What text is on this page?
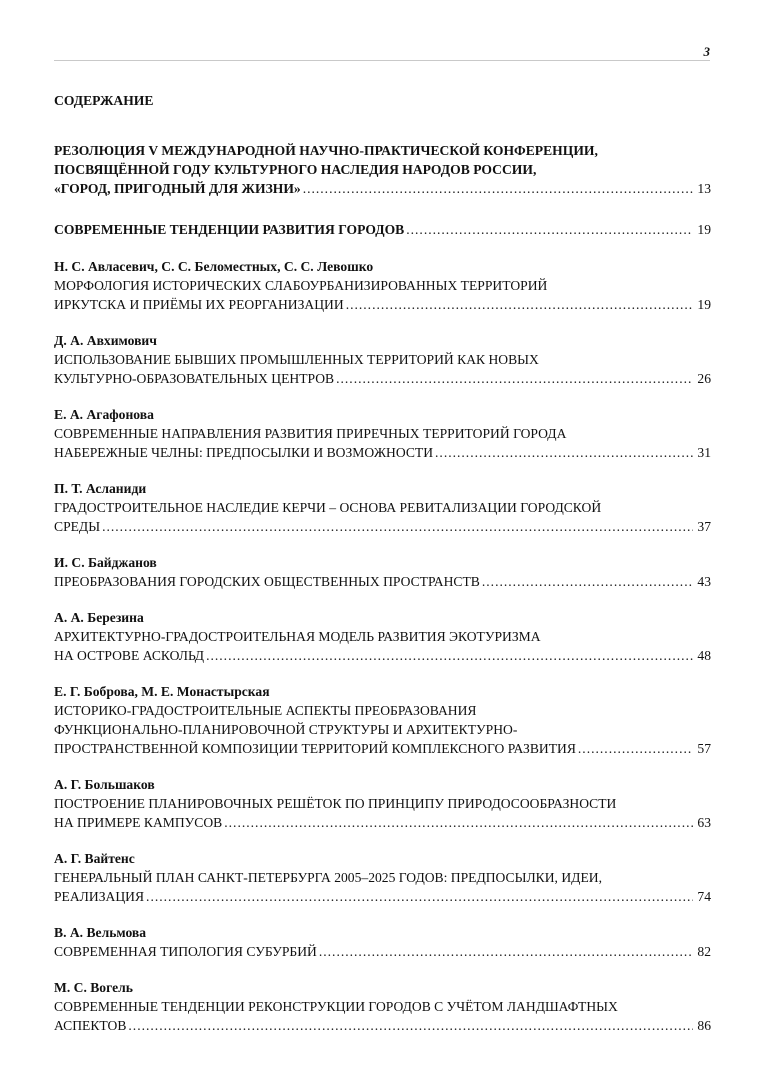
3
СОДЕРЖАНИЕ
РЕЗОЛЮЦИЯ V МЕЖДУНАРОДНОЙ НАУЧНО-ПРАКТИЧЕСКОЙ КОНФЕРЕНЦИИ,
ПОСВЯЩЁННОЙ ГОДУ КУЛЬТУРНОГО НАСЛЕДИЯ НАРОДОВ РОССИИ,
«ГОРОД, ПРИГОДНЫЙ ДЛЯ ЖИЗНИ» .....	13
СОВРЕМЕННЫЕ ТЕНДЕНЦИИ РАЗВИТИЯ ГОРОДОВ .....	19
Н. С. Авласевич, С. С. Беломестных, С. С. Левошко
МОРФОЛОГИЯ ИСТОРИЧЕСКИХ СЛАБОУРБАНИЗИРОВАННЫХ ТЕРРИТОРИЙ
ИРКУТСКА И ПРИЁМЫ ИХ РЕОРГАНИЗАЦИИ .....	19
Д. А. Авхимович
ИСПОЛЬЗОВАНИЕ БЫВШИХ ПРОМЫШЛЕННЫХ ТЕРРИТОРИЙ КАК НОВЫХ
КУЛЬТУРНО-ОБРАЗОВАТЕЛЬНЫХ ЦЕНТРОВ .....	26
Е. А. Агафонова
СОВРЕМЕННЫЕ НАПРАВЛЕНИЯ РАЗВИТИЯ ПРИРЕЧНЫХ ТЕРРИТОРИЙ ГОРОДА
НАБЕРЕЖНЫЕ ЧЕЛНЫ: ПРЕДПОСЫЛКИ И ВОЗМОЖНОСТИ .....	31
П. Т. Асланиди
ГРАДОСТРОИТЕЛЬНОЕ НАСЛЕДИЕ КЕРЧИ – ОСНОВА РЕВИТАЛИЗАЦИИ ГОРОДСКОЙ
СРЕДЫ .....	37
И. С. Байджанов
ПРЕОБРАЗОВАНИЯ ГОРОДСКИХ ОБЩЕСТВЕННЫХ ПРОСТРАНСТВ .....	43
А. А. Березина
АРХИТЕКТУРНО-ГРАДОСТРОИТЕЛЬНАЯ МОДЕЛЬ РАЗВИТИЯ ЭКОТУРИЗМА
НА ОСТРОВЕ АСКОЛЬД .....	48
Е. Г. Боброва, М. Е. Монастырская
ИСТОРИКО-ГРАДОСТРОИТЕЛЬНЫЕ АСПЕКТЫ ПРЕОБРАЗОВАНИЯ
ФУНКЦИОНАЛЬНО-ПЛАНИРОВОЧНОЙ СТРУКТУРЫ И АРХИТЕКТУРНО-
ПРОСТРАНСТВЕННОЙ КОМПОЗИЦИИ ТЕРРИТОРИЙ КОМПЛЕКСНОГО РАЗВИТИЯ .....	57
А. Г. Большаков
ПОСТРОЕНИЕ ПЛАНИРОВОЧНЫХ РЕШЁТОК ПО ПРИНЦИПУ ПРИРОДОСООБРАЗНОСТИ
НА ПРИМЕРЕ КАМПУСОВ .....	63
А. Г. Вайтенс
ГЕНЕРАЛЬНЫЙ ПЛАН САНКТ-ПЕТЕРБУРГА 2005–2025 ГОДОВ: ПРЕДПОСЫЛКИ, ИДЕИ,
РЕАЛИЗАЦИЯ .....	74
В. А. Вельмова
СОВРЕМЕННАЯ ТИПОЛОГИЯ СУБУРБИЙ .....	82
М. С. Вогель
СОВРЕМЕННЫЕ ТЕНДЕНЦИИ РЕКОНСТРУКЦИИ ГОРОДОВ С УЧЁТОМ ЛАНДШАФТНЫХ
АСПЕКТОВ .....	86
